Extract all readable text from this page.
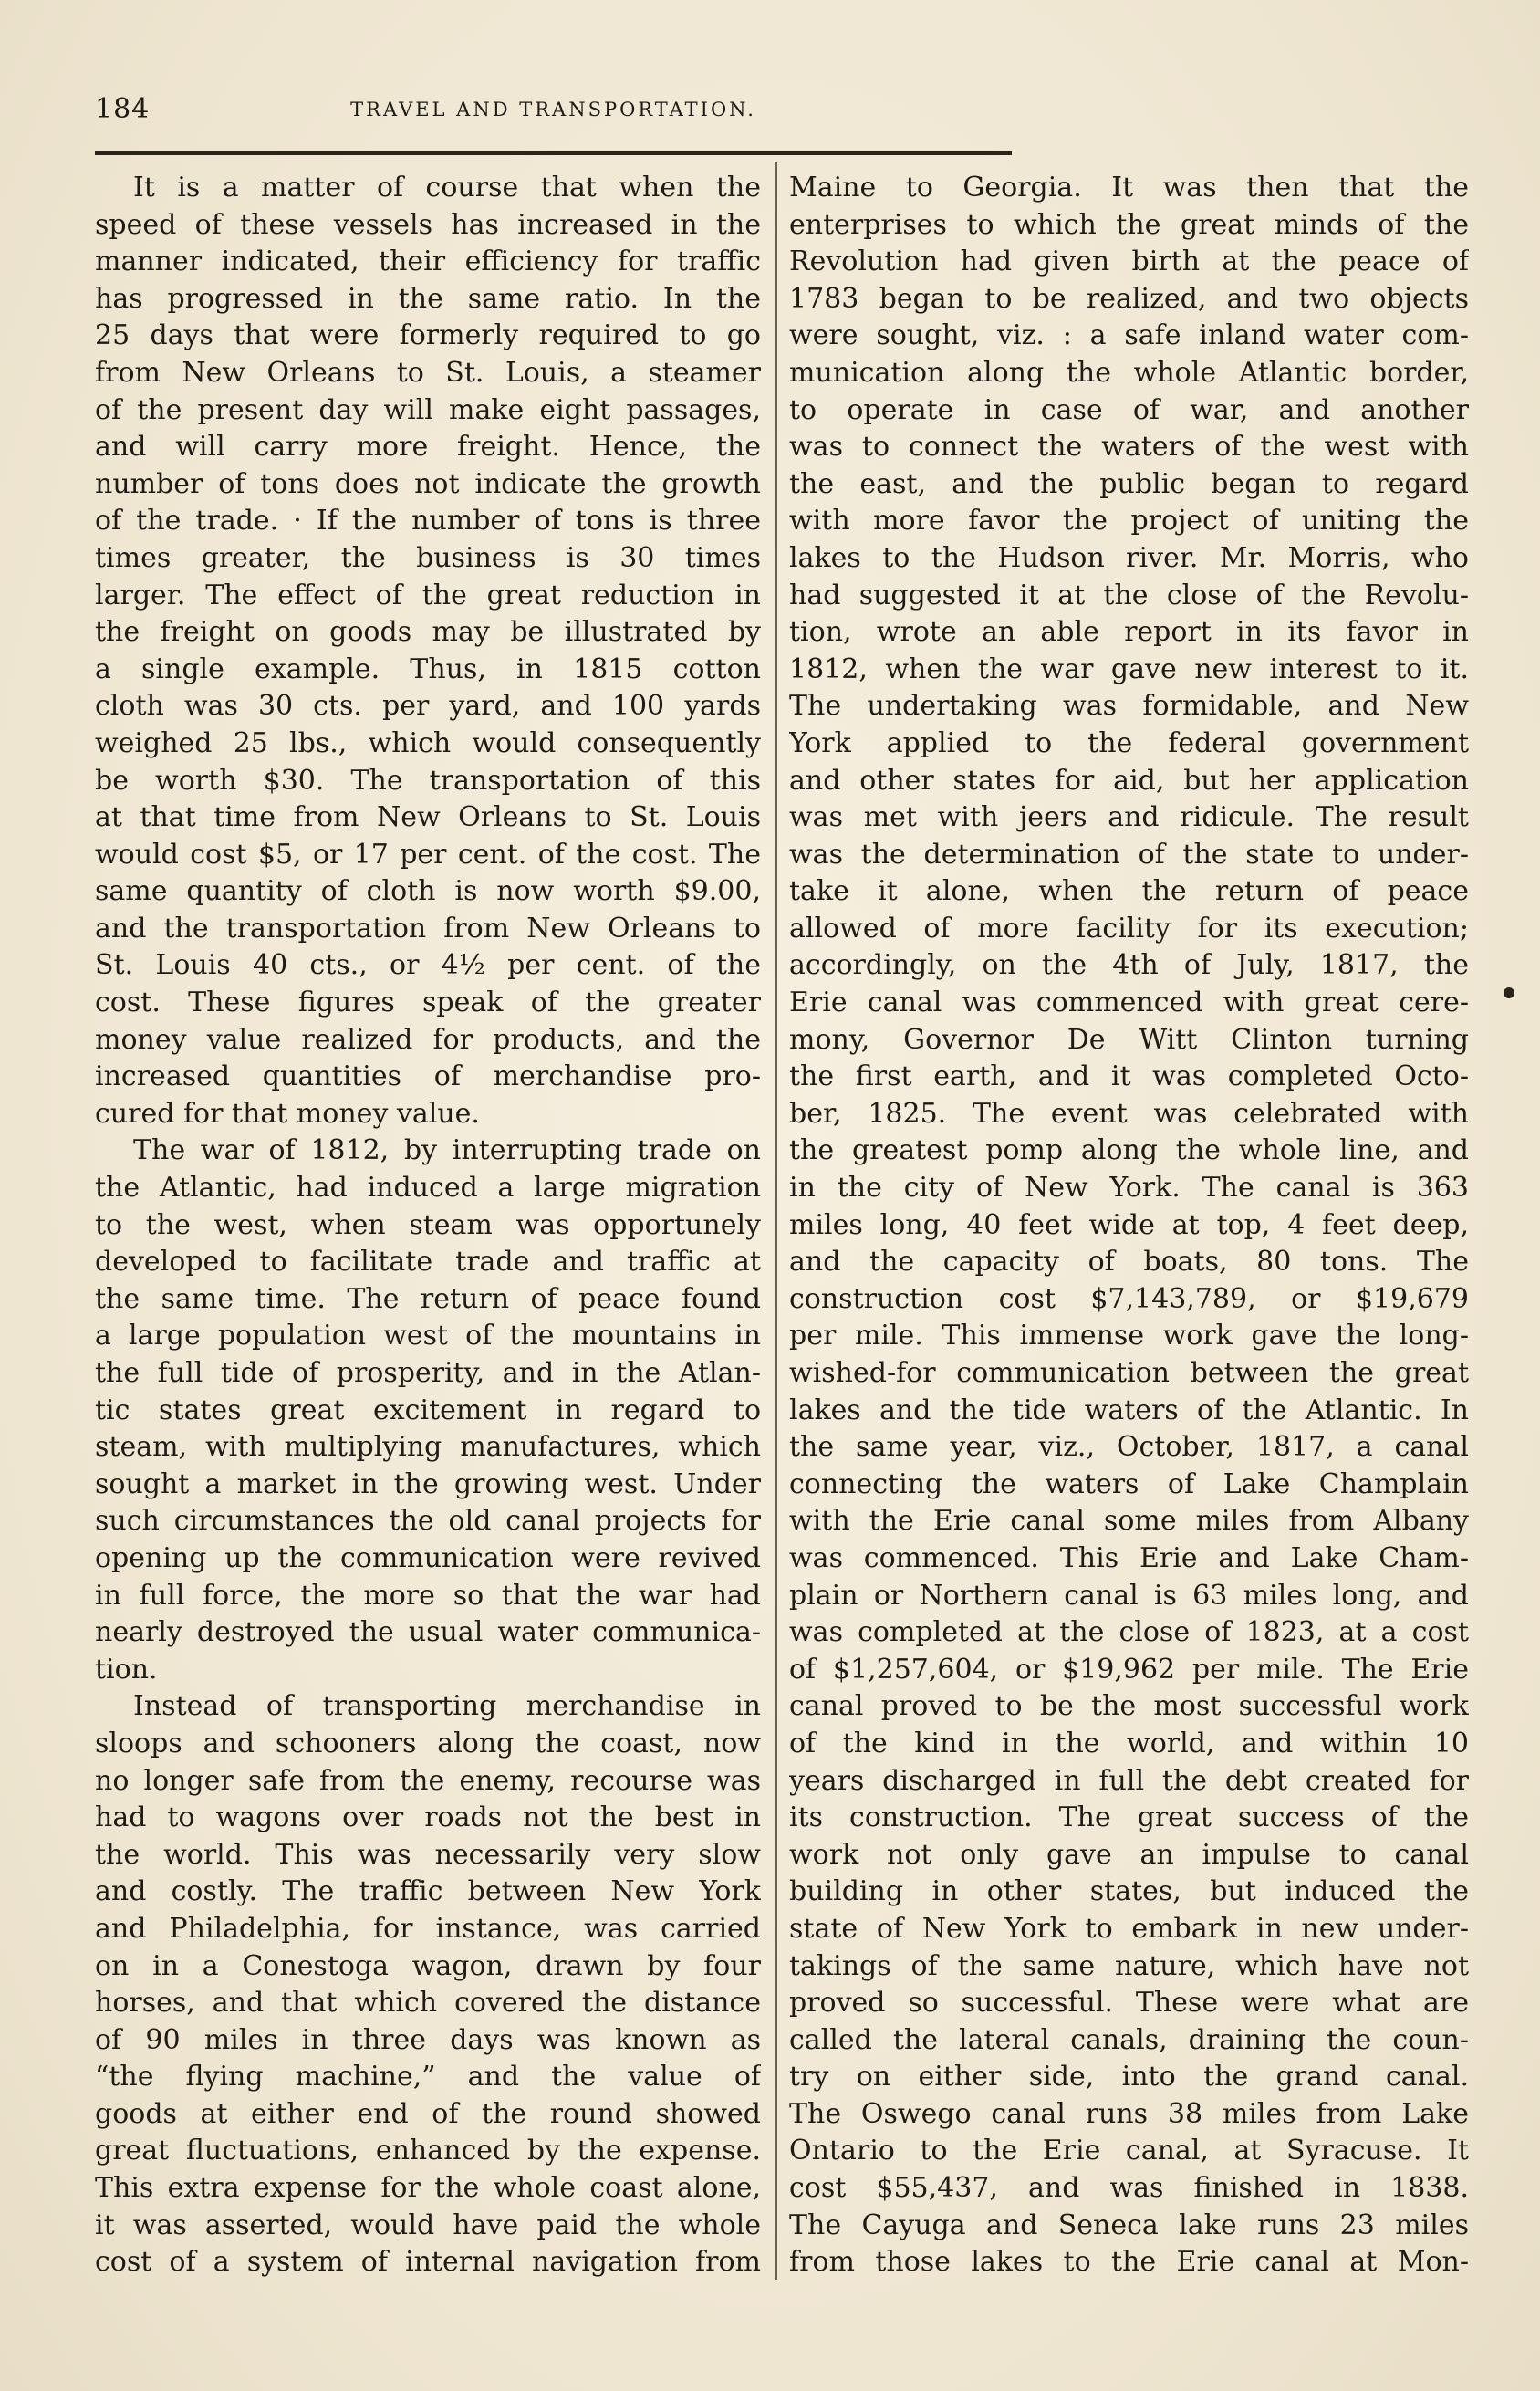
184	TRAVEL AND TRANSPORTATION.
It is a matter of course that when the
speed of these vessels has increased in the
manner indicated, their efficiency for traffic
has progressed in the same ratio. In the
25 days that were formerly required to go
from New Orleans to St. Louis, a steamer
of the present day will make eight passages,
and will carry more freight. Hence, the
number of tons does not indicate the growth
of the trade. · If the number of tons is three
times greater, the business is 30 times
larger. The effect of the great reduction in
the freight on goods may be illustrated by
a single example. Thus, in 1815 cotton
cloth was 30 cts. per yard, and 100 yards
weighed 25 lbs., which would consequently
be worth $30. The transportation of this
at that time from New Orleans to St. Louis
would cost $5, or 17 per cent. of the cost. The
same quantity of cloth is now worth $9.00,
and the transportation from New Orleans to
St. Louis 40 cts., or 4½ per cent. of the
cost. These figures speak of the greater
money value realized for products, and the
increased quantities of merchandise pro-
cured for that money value.
The war of 1812, by interrupting trade on
the Atlantic, had induced a large migration
to the west, when steam was opportunely
developed to facilitate trade and traffic at
the same time. The return of peace found
a large population west of the mountains in
the full tide of prosperity, and in the Atlan-
tic states great excitement in regard to
steam, with multiplying manufactures, which
sought a market in the growing west. Under
such circumstances the old canal projects for
opening up the communication were revived
in full force, the more so that the war had
nearly destroyed the usual water communica-
tion.
Instead of transporting merchandise in
sloops and schooners along the coast, now
no longer safe from the enemy, recourse was
had to wagons over roads not the best in
the world. This was necessarily very slow
and costly. The traffic between New York
and Philadelphia, for instance, was carried
on in a Conestoga wagon, drawn by four
horses, and that which covered the distance
of 90 miles in three days was known as
“the flying machine,” and the value of
goods at either end of the round showed
great fluctuations, enhanced by the expense.
This extra expense for the whole coast alone,
it was asserted, would have paid the whole
cost of a system of internal navigation from
Maine to Georgia. It was then that the
enterprises to which the great minds of the
Revolution had given birth at the peace of
1783 began to be realized, and two objects
were sought, viz. : a safe inland water com-
munication along the whole Atlantic border,
to operate in case of war, and another
was to connect the waters of the west with
the east, and the public began to regard
with more favor the project of uniting the
lakes to the Hudson river. Mr. Morris, who
had suggested it at the close of the Revolu-
tion, wrote an able report in its favor in
1812, when the war gave new interest to it.
The undertaking was formidable, and New
York applied to the federal government
and other states for aid, but her application
was met with jeers and ridicule. The result
was the determination of the state to under-
take it alone, when the return of peace
allowed of more facility for its execution;
accordingly, on the 4th of July, 1817, the
Erie canal was commenced with great cere-
mony, Governor De Witt Clinton turning
the first earth, and it was completed Octo-
ber, 1825. The event was celebrated with
the greatest pomp along the whole line, and
in the city of New York. The canal is 363
miles long, 40 feet wide at top, 4 feet deep,
and the capacity of boats, 80 tons. The
construction cost $7,143,789, or $19,679
per mile. This immense work gave the long-
wished-for communication between the great
lakes and the tide waters of the Atlantic. In
the same year, viz., October, 1817, a canal
connecting the waters of Lake Champlain
with the Erie canal some miles from Albany
was commenced. This Erie and Lake Cham-
plain or Northern canal is 63 miles long, and
was completed at the close of 1823, at a cost
of $1,257,604, or $19,962 per mile. The Erie
canal proved to be the most successful work
of the kind in the world, and within 10
years discharged in full the debt created for
its construction. The great success of the
work not only gave an impulse to canal
building in other states, but induced the
state of New York to embark in new under-
takings of the same nature, which have not
proved so successful. These were what are
called the lateral canals, draining the coun-
try on either side, into the grand canal.
The Oswego canal runs 38 miles from Lake
Ontario to the Erie canal, at Syracuse. It
cost $55,437, and was finished in 1838.
The Cayuga and Seneca lake runs 23 miles
from those lakes to the Erie canal at Mon-
